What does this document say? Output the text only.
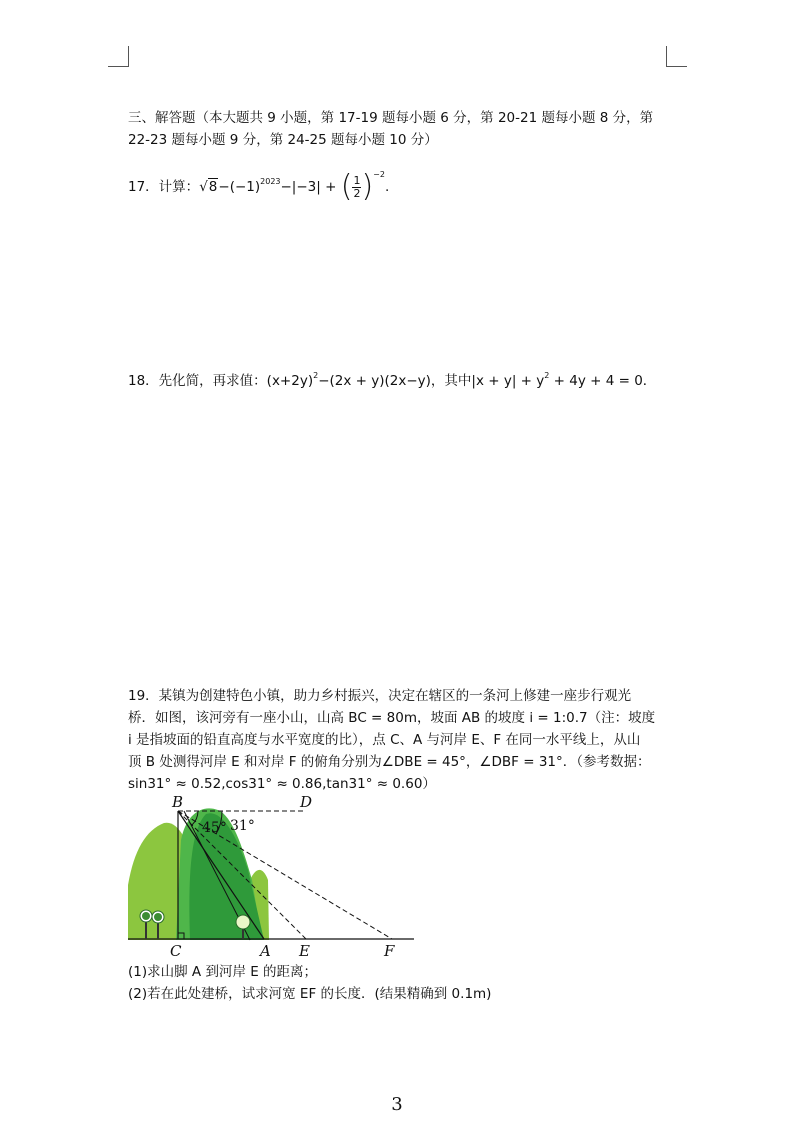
三、解答题（本大题共 9 小题，第 17-19 题每小题 6 分，第 20-21 题每小题 8 分，第
22-23 题每小题 9 分，第 24-25 题每小题 10 分）
17．计算：$√8-(-1)^{2023}-|-3|$ + ( $\frac{1}{2}$ ) $^{-2}$.
18．先化简，再求值：$(x+2y)^2-(2x + y)(2x-y)$，其中$|x + y| + y^2 + 4y + 4 = 0$．
19．某镇为创建特色小镇，助力乡村振兴，决定在辖区的一条河上修建一座步行观光
桥．如图，该河旁有一座小山，山高 BC = 80m，坡面 AB 的坡度 i = 1:0.7（注：坡度
i 是指坡面的铅直高度与水平宽度的比），点 C、A 与河岸 E、F 在同一水平线上，从山
顶 B 处测得河岸 E 和对岸 F 的俯角分别为∠DBE = 45°，∠DBF = 31°．（参考数据：
sin31° ≈ 0.52,cos31° ≈ 0.86,tan31° ≈ 0.60）
B	D
C	A E	F
45° 31°
(1)求山脚 A 到河岸 E 的距离；
(2)若在此处建桥，试求河宽 EF 的长度．(结果精确到 0.1m)
3
